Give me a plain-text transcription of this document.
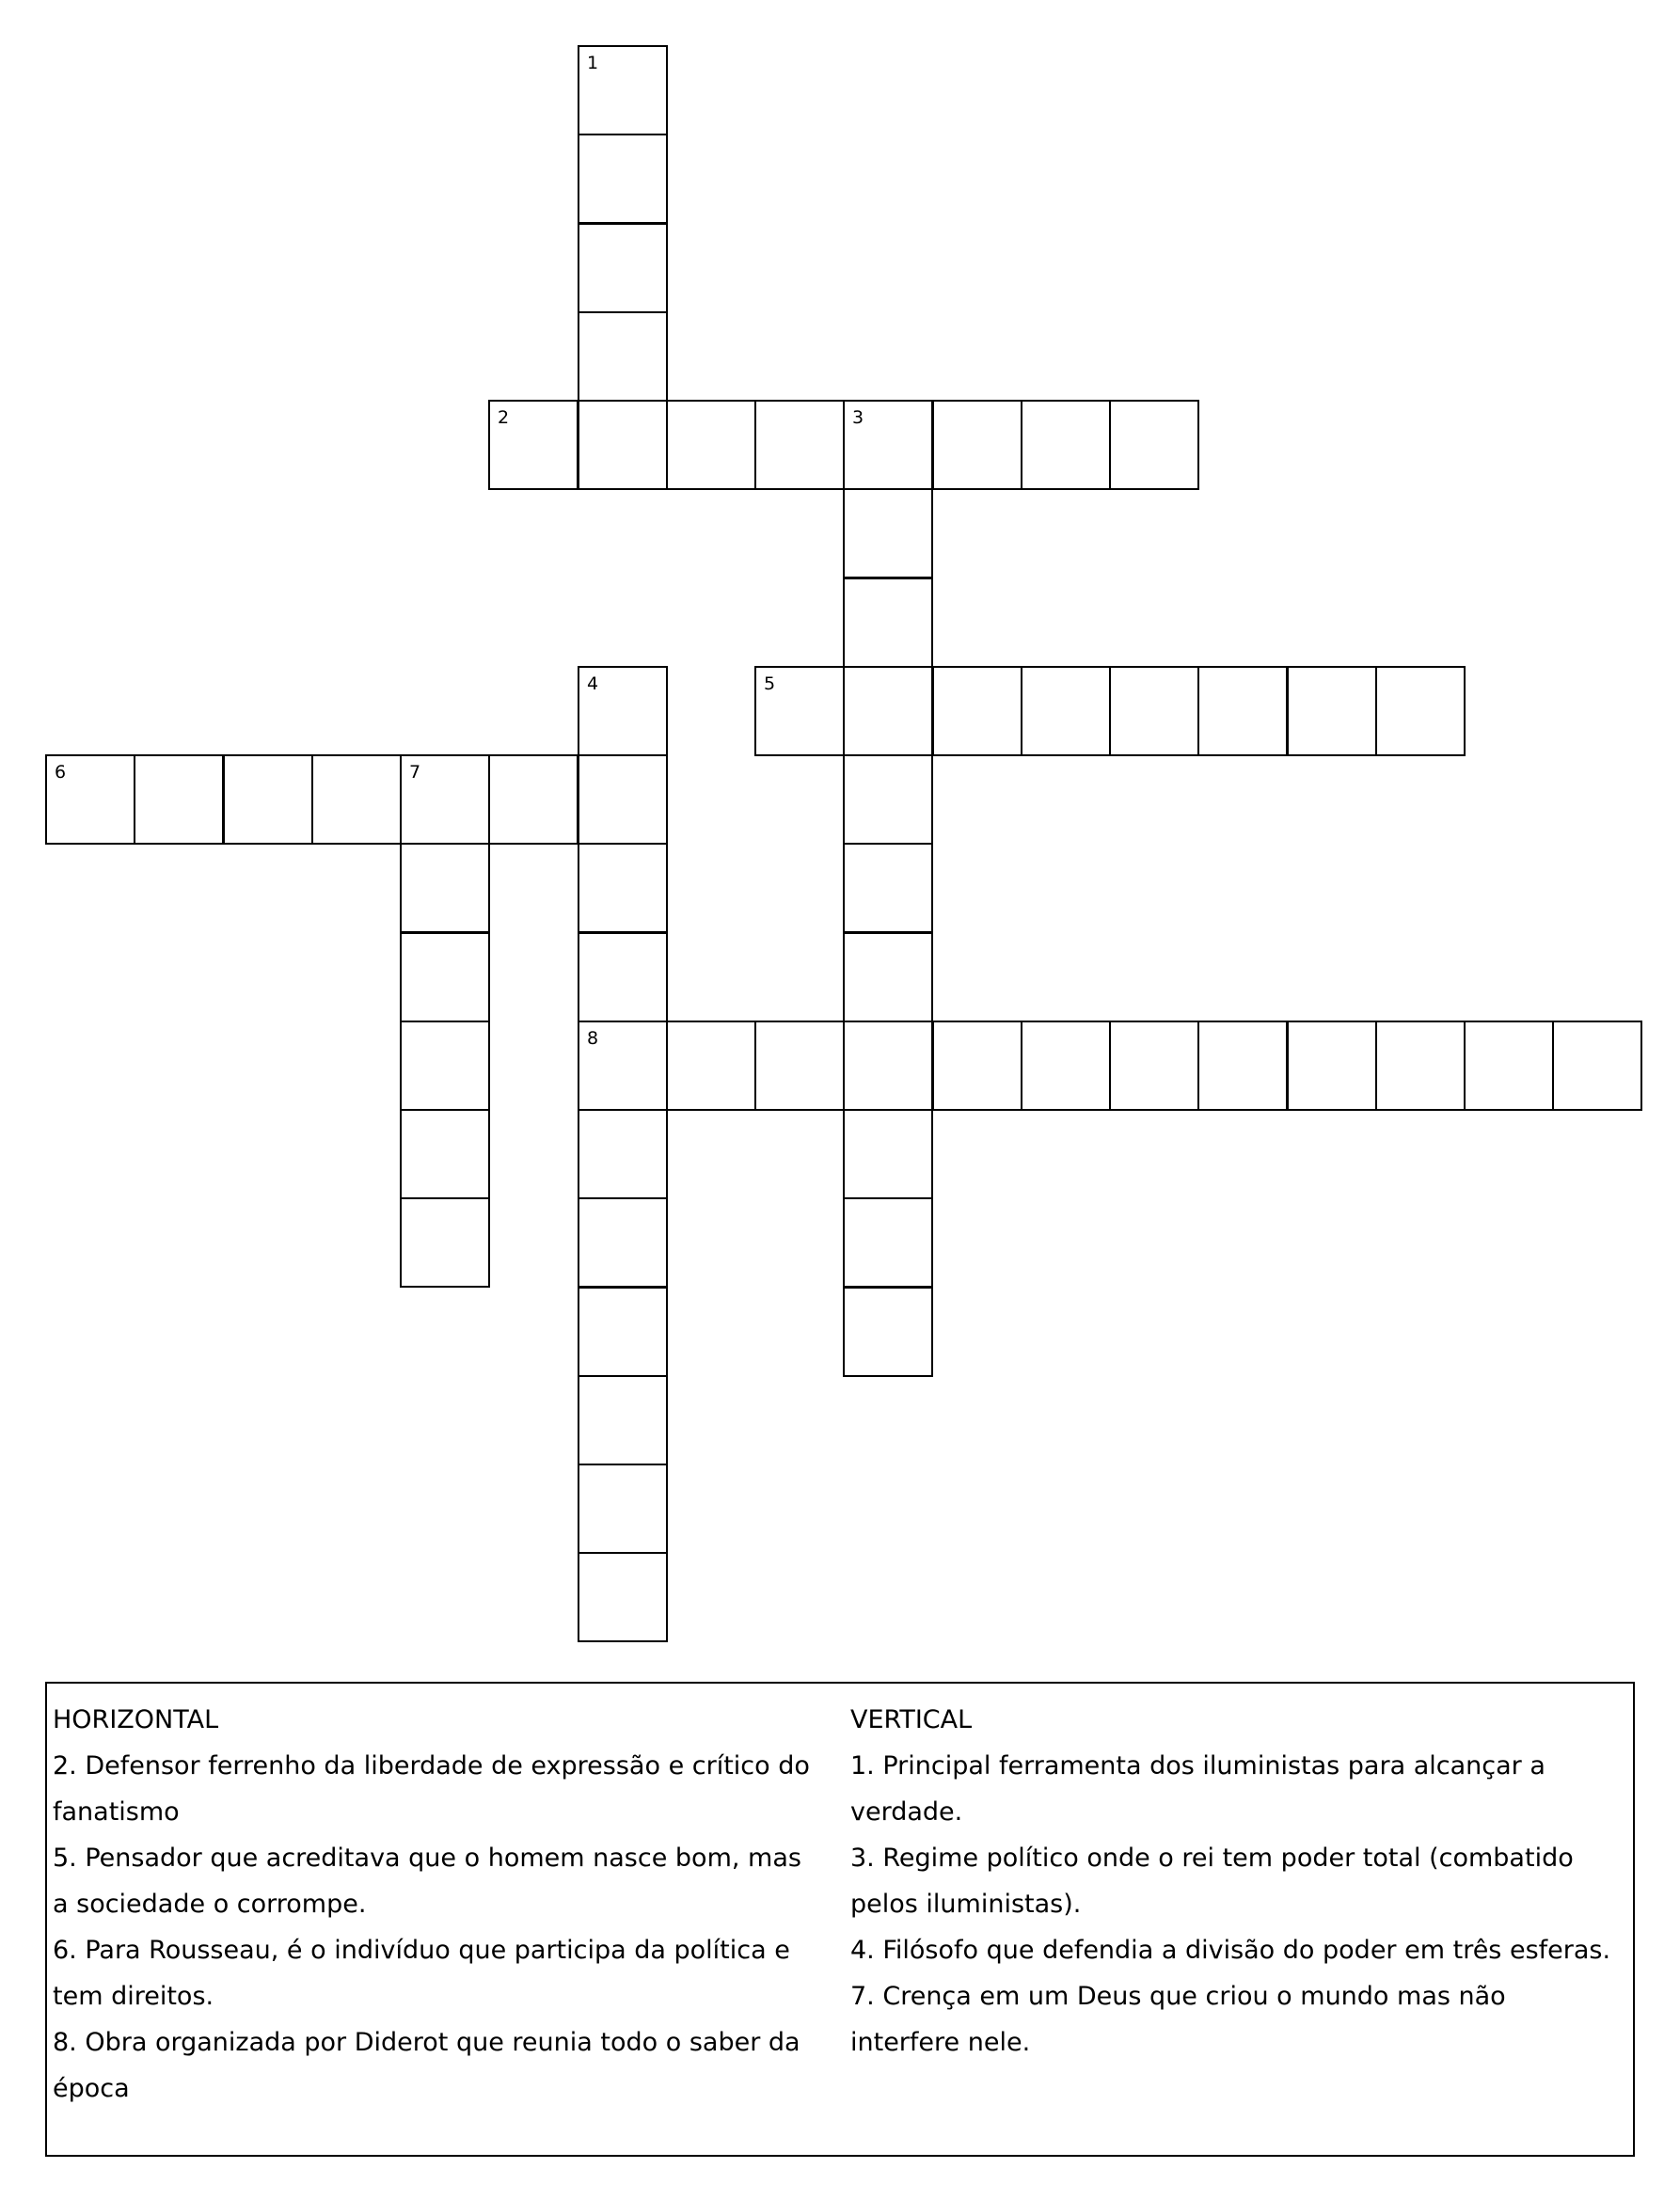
1
2	3
4	5
6	7
8
HORIZONTAL
2. Defensor ferrenho da liberdade de expressão e crítico do fanatismo
5. Pensador que acreditava que o homem nasce bom, mas a sociedade o corrompe.
6. Para Rousseau, é o indivíduo que participa da política e tem direitos.
8. Obra organizada por Diderot que reunia todo o saber da época
VERTICAL
1. Principal ferramenta dos iluministas para alcançar a verdade.
3. Regime político onde o rei tem poder total (combatido pelos iluministas).
4. Filósofo que defendia a divisão do poder em três esferas.
7. Crença em um Deus que criou o mundo mas não interfere nele.
